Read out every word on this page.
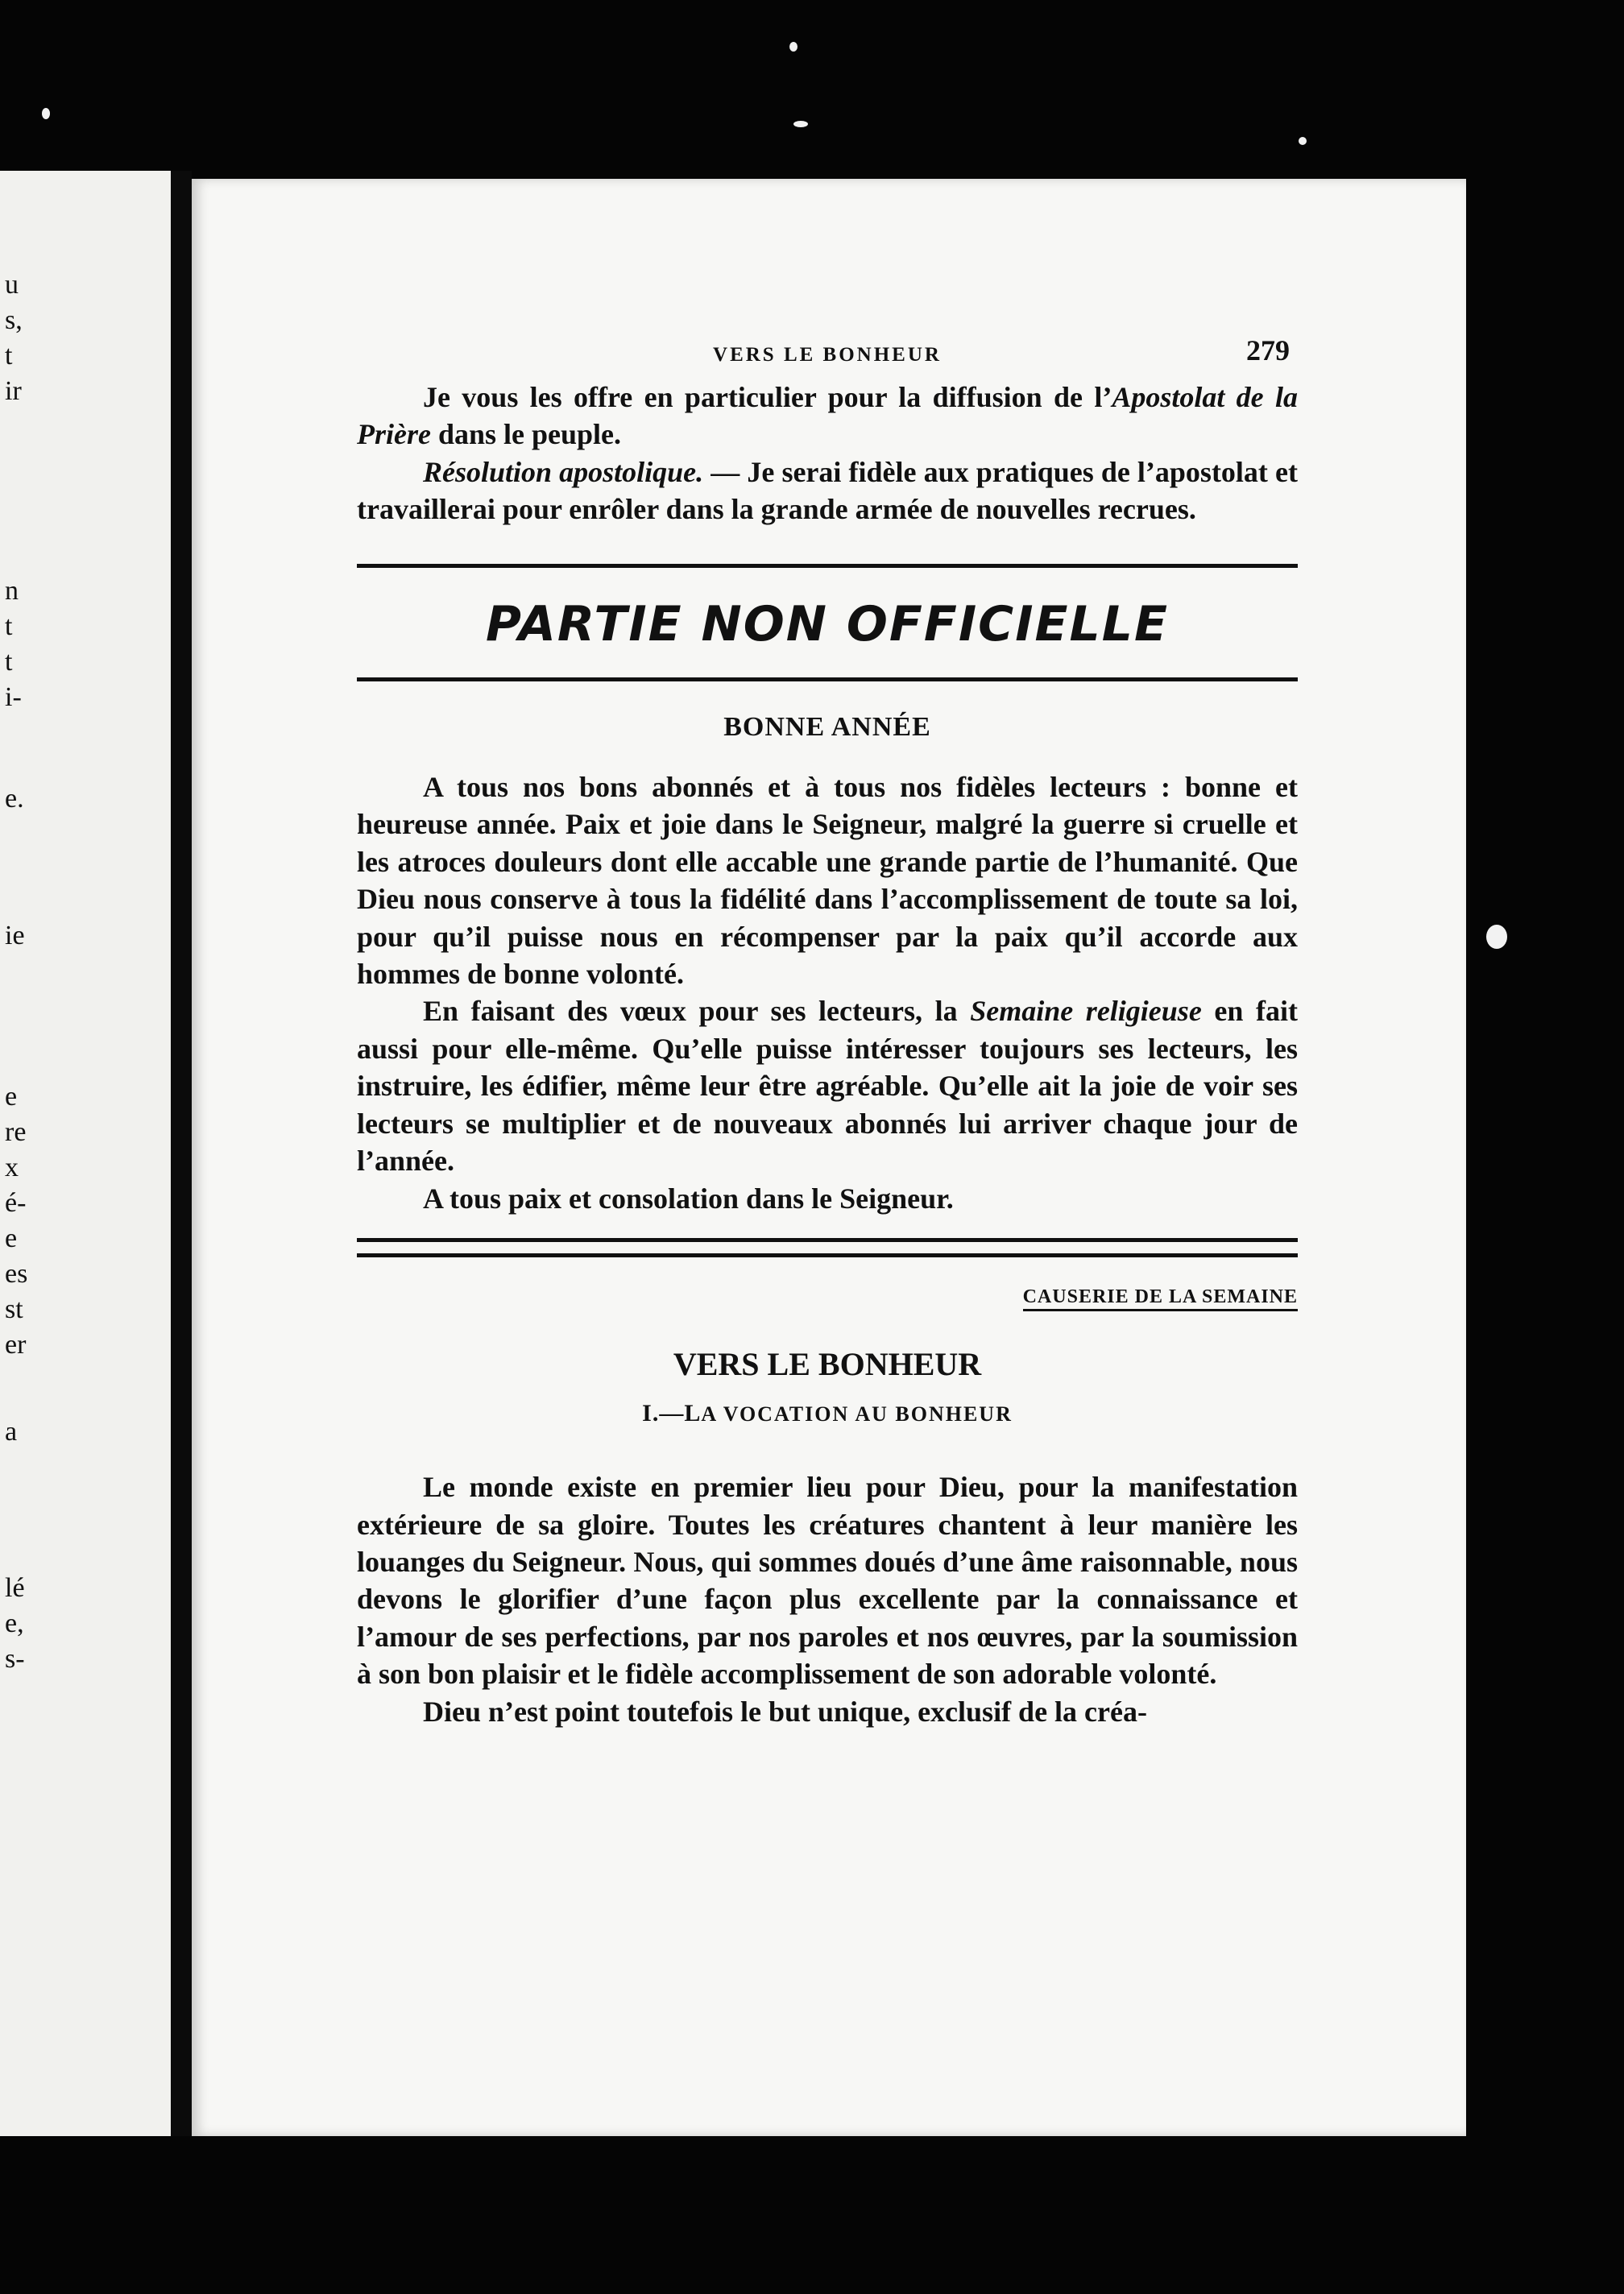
u
s,
t
ir
n
t
t
i-
e.
ie
e
re
x
é-
e
es
st
er
a
lé
e,
s-
VERS LE BONHEUR	279

Je vous les offre en particulier pour la diffusion de l’Apostolat de la Prière dans le peuple.

Résolution apostolique. — Je serai fidèle aux pratiques de l’apostolat et travaillerai pour enrôler dans la grande armée de nouvelles recrues.

PARTIE NON OFFICIELLE
BONNE ANNÉE

A tous nos bons abonnés et à tous nos fidèles lecteurs : bonne et heureuse année. Paix et joie dans le Seigneur, malgré la guerre si cruelle et les atroces douleurs dont elle accable une grande partie de l’humanité. Que Dieu nous conserve à tous la fidélité dans l’accomplissement de toute sa loi, pour qu’il puisse nous en récompenser par la paix qu’il accorde aux hommes de bonne volonté.

En faisant des vœux pour ses lecteurs, la Semaine religieuse en fait aussi pour elle-même. Qu’elle puisse intéresser toujours ses lecteurs, les instruire, les édifier, même leur être agréable. Qu’elle ait la joie de voir ses lecteurs se multiplier et de nouveaux abonnés lui arriver chaque jour de l’année.

A tous paix et consolation dans le Seigneur.

CAUSERIE DE LA SEMAINE
VERS LE BONHEUR
I.—LA VOCATION AU BONHEUR

Le monde existe en premier lieu pour Dieu, pour la manifestation extérieure de sa gloire. Toutes les créatures chantent à leur manière les louanges du Seigneur. Nous, qui sommes doués d’une âme raisonnable, nous devons le glorifier d’une façon plus excellente par la connaissance et l’amour de ses perfections, par nos paroles et nos œuvres, par la soumission à son bon plaisir et le fidèle accomplissement de son adorable volonté.

Dieu n’est point toutefois le but unique, exclusif de la créa-
